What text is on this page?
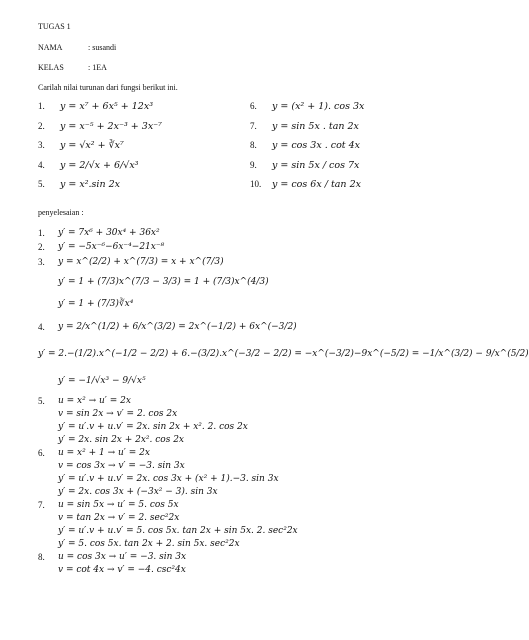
TUGAS 1
NAMA	: susandi
KELAS	: 1EA
Carilah nilai turunan dari fungsi berikut ini.
1.	y = x⁷ + 6x⁵ + 12x³
2.	y = x⁻⁵ + 2x⁻³ + 3x⁻⁷
3.	y = √x² + ∛x⁷
4.	y = 2/√x + 6/√x³
5.	y = x².sin 2x
6.	y = (x² + 1). cos 3x
7.	y = sin 5x . tan 2x
8.	y = cos 3x . cot 4x
9.	y = sin 5x / cos 7x
10.	y = cos 6x / tan 2x
penyelesaian :
1.	y′ = 7x⁶ + 30x⁴ + 36x²
2.	y′ = −5x⁻⁶−6x⁻⁴−21x⁻⁸
3.	y = x^(2/2) + x^(7/3) = x + x^(7/3)
y′ = 1 + (7/3)x^(7/3 − 3/3) = 1 + (7/3)x^(4/3)
y′ = 1 + (7/3)∛x⁴
4.	y = 2/x^(1/2) + 6/x^(3/2) = 2x^(−1/2) + 6x^(−3/2)
y′ = 2.−(1/2).x^(−1/2 − 2/2) + 6.−(3/2).x^(−3/2 − 2/2) = −x^(−3/2)−9x^(−5/2) = −1/x^(3/2) − 9/x^(5/2)
y′ = −1/√x³ − 9/√x⁵
5.	u = x² → u′ = 2x
v = sin 2x → v′ = 2. cos 2x
y′ = u′.v + u.v′ = 2x. sin 2x + x². 2. cos 2x
y′ = 2x. sin 2x + 2x². cos 2x
6.	u = x² + 1 → u′ = 2x
v = cos 3x → v′ = −3. sin 3x
y′ = u′.v + u.v′ = 2x. cos 3x + (x² + 1).−3. sin 3x
y′ = 2x. cos 3x + (−3x² − 3). sin 3x
7.	u = sin 5x → u′ = 5. cos 5x
v = tan 2x → v′ = 2. sec²2x
y′ = u′.v + u.v′ = 5. cos 5x. tan 2x + sin 5x. 2. sec²2x
y′ = 5. cos 5x. tan 2x + 2. sin 5x. sec²2x
8.	u = cos 3x → u′ = −3. sin 3x
v = cot 4x → v′ = −4. csc²4x
